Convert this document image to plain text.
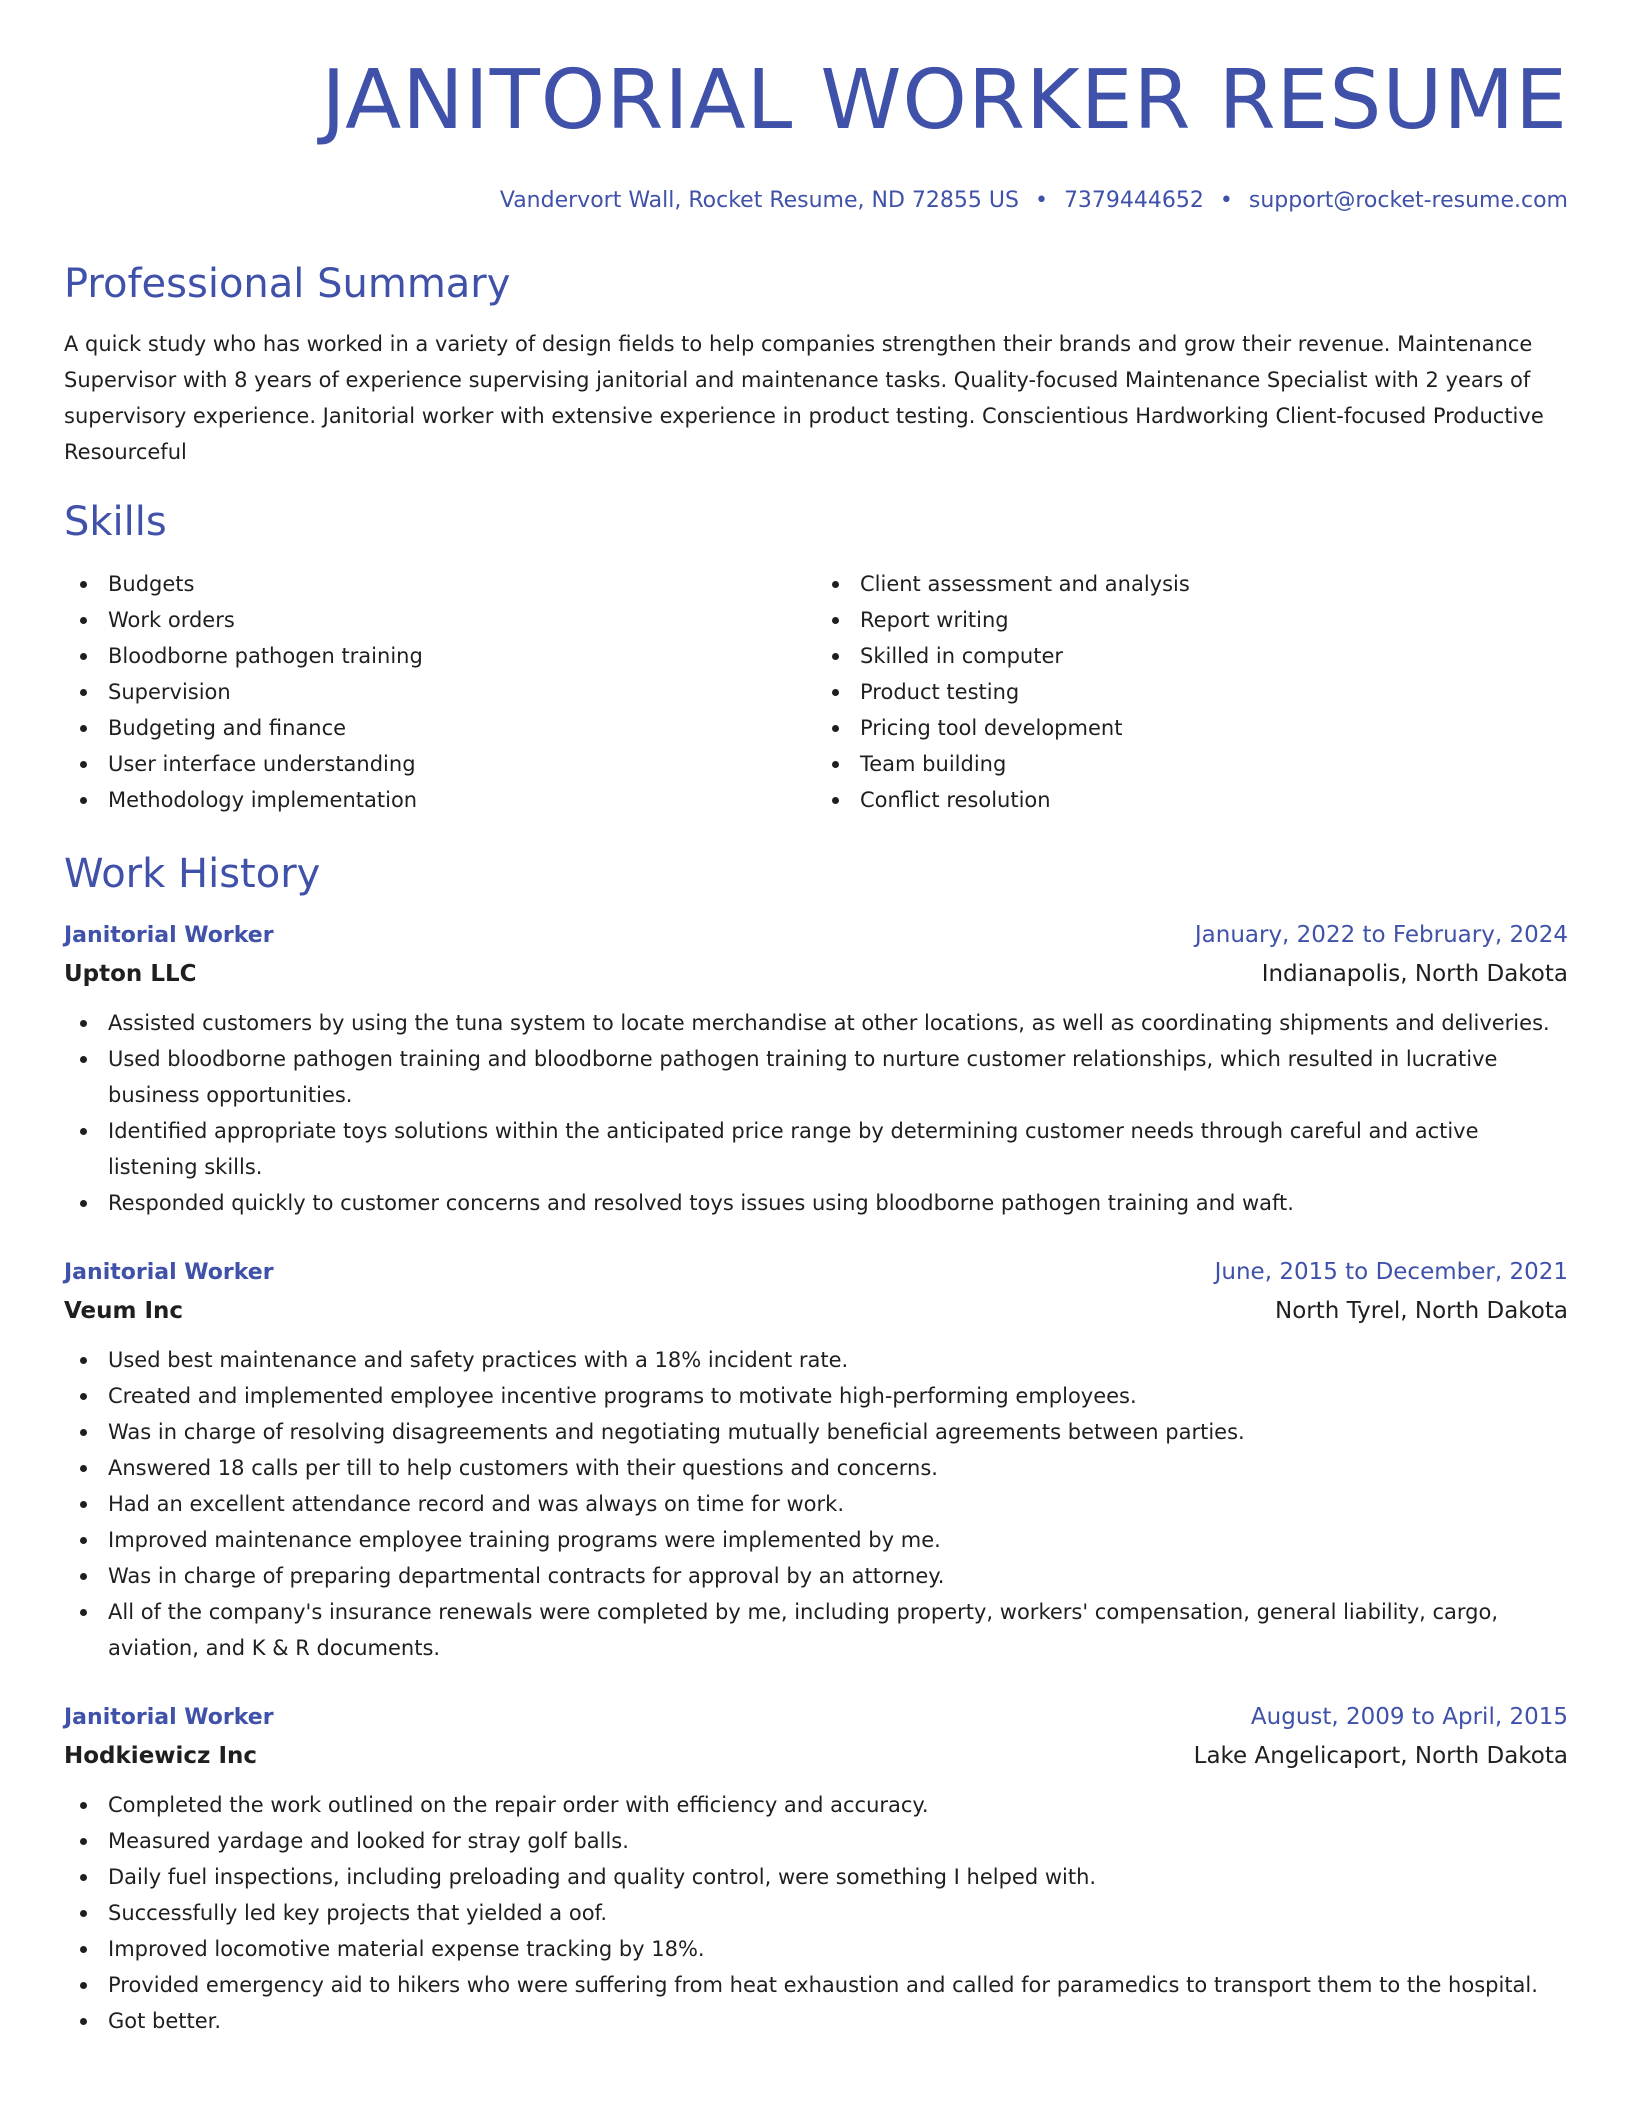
JANITORIAL WORKER RESUME
Vandervort Wall, Rocket Resume, ND 72855 US • 7379444652 • support@rocket-resume.com
Professional Summary
A quick study who has worked in a variety of design fields to help companies strengthen their brands and grow their revenue. Maintenance Supervisor with 8 years of experience supervising janitorial and maintenance tasks. Quality-focused Maintenance Specialist with 2 years of supervisory experience. Janitorial worker with extensive experience in product testing. Conscientious Hardworking Client-focused Productive Resourceful
Skills
Budgets
Work orders
Bloodborne pathogen training
Supervision
Budgeting and finance
User interface understanding
Methodology implementation
Client assessment and analysis
Report writing
Skilled in computer
Product testing
Pricing tool development
Team building
Conflict resolution
Work History
Janitorial Worker	January, 2022 to February, 2024
Upton LLC	Indianapolis, North Dakota
Assisted customers by using the tuna system to locate merchandise at other locations, as well as coordinating shipments and deliveries.
Used bloodborne pathogen training and bloodborne pathogen training to nurture customer relationships, which resulted in lucrative business opportunities.
Identified appropriate toys solutions within the anticipated price range by determining customer needs through careful and active listening skills.
Responded quickly to customer concerns and resolved toys issues using bloodborne pathogen training and waft.
Janitorial Worker	June, 2015 to December, 2021
Veum Inc	North Tyrel, North Dakota
Used best maintenance and safety practices with a 18% incident rate.
Created and implemented employee incentive programs to motivate high-performing employees.
Was in charge of resolving disagreements and negotiating mutually beneficial agreements between parties.
Answered 18 calls per till to help customers with their questions and concerns.
Had an excellent attendance record and was always on time for work.
Improved maintenance employee training programs were implemented by me.
Was in charge of preparing departmental contracts for approval by an attorney.
All of the company's insurance renewals were completed by me, including property, workers' compensation, general liability, cargo, aviation, and K & R documents.
Janitorial Worker	August, 2009 to April, 2015
Hodkiewicz Inc	Lake Angelicaport, North Dakota
Completed the work outlined on the repair order with efficiency and accuracy.
Measured yardage and looked for stray golf balls.
Daily fuel inspections, including preloading and quality control, were something I helped with.
Successfully led key projects that yielded a oof.
Improved locomotive material expense tracking by 18%.
Provided emergency aid to hikers who were suffering from heat exhaustion and called for paramedics to transport them to the hospital.
Got better.
